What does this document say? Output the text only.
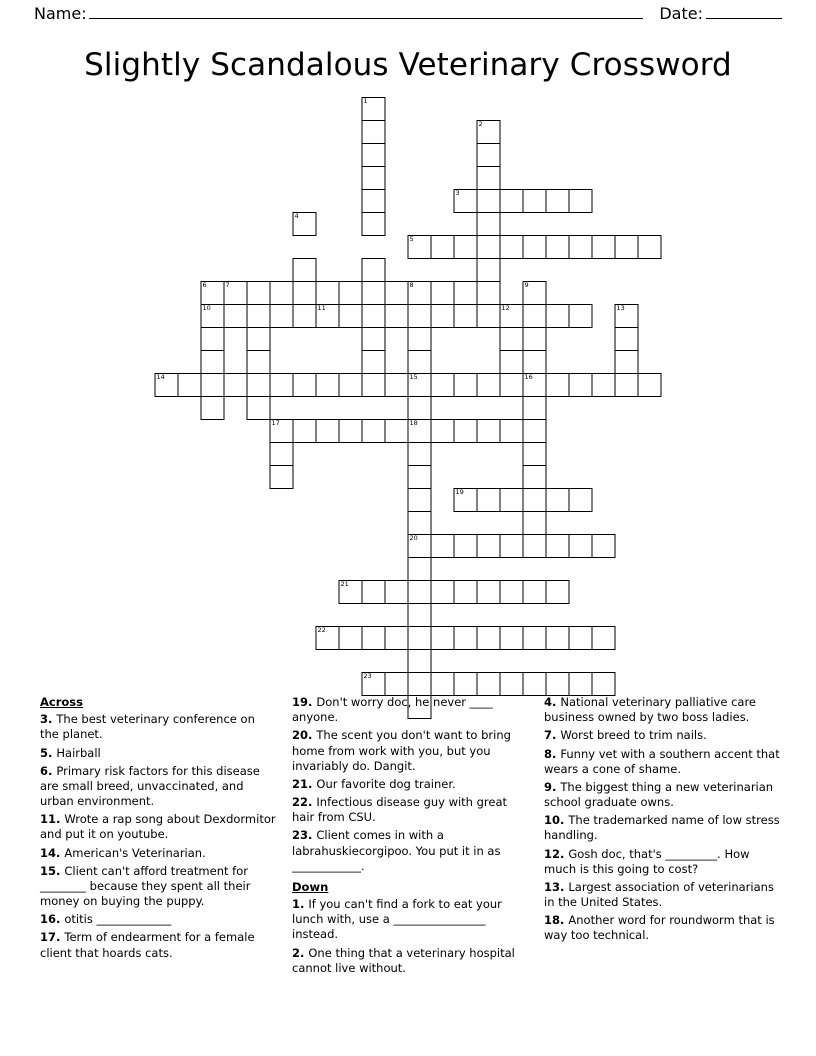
Name:	Date:
Slightly Scandalous Veterinary Crossword
1
2
3
4
5
6	7	8	9
10	11	12	13
14	15	16
17	18
19
20
21
22
23
Across
3. The best veterinary conference on the planet.
5. Hairball
6. Primary risk factors for this disease are small breed, unvaccinated, and urban environment.
11. Wrote a rap song about Dexdormitor and put it on youtube.
14. American's Veterinarian.
15. Client can't afford treatment for ________ because they spent all their money on buying the puppy.
16. otitis _____________
17. Term of endearment for a female client that hoards cats.
19. Don't worry doc, he never ____ anyone.
20. The scent you don't want to bring home from work with you, but you invariably do. Dangit.
21. Our favorite dog trainer.
22. Infectious disease guy with great hair from CSU.
23. Client comes in with a labrahuskiecorgipoo. You put it in as ____________.
Down
1. If you can't find a fork to eat your lunch with, use a ________________ instead.
2. One thing that a veterinary hospital cannot live without.
4. National veterinary palliative care business owned by two boss ladies.
7. Worst breed to trim nails.
8. Funny vet with a southern accent that wears a cone of shame.
9. The biggest thing a new veterinarian school graduate owns.
10. The trademarked name of low stress handling.
12. Gosh doc, that's _________. How much is this going to cost?
13. Largest association of veterinarians in the United States.
18. Another word for roundworm that is way too technical.
